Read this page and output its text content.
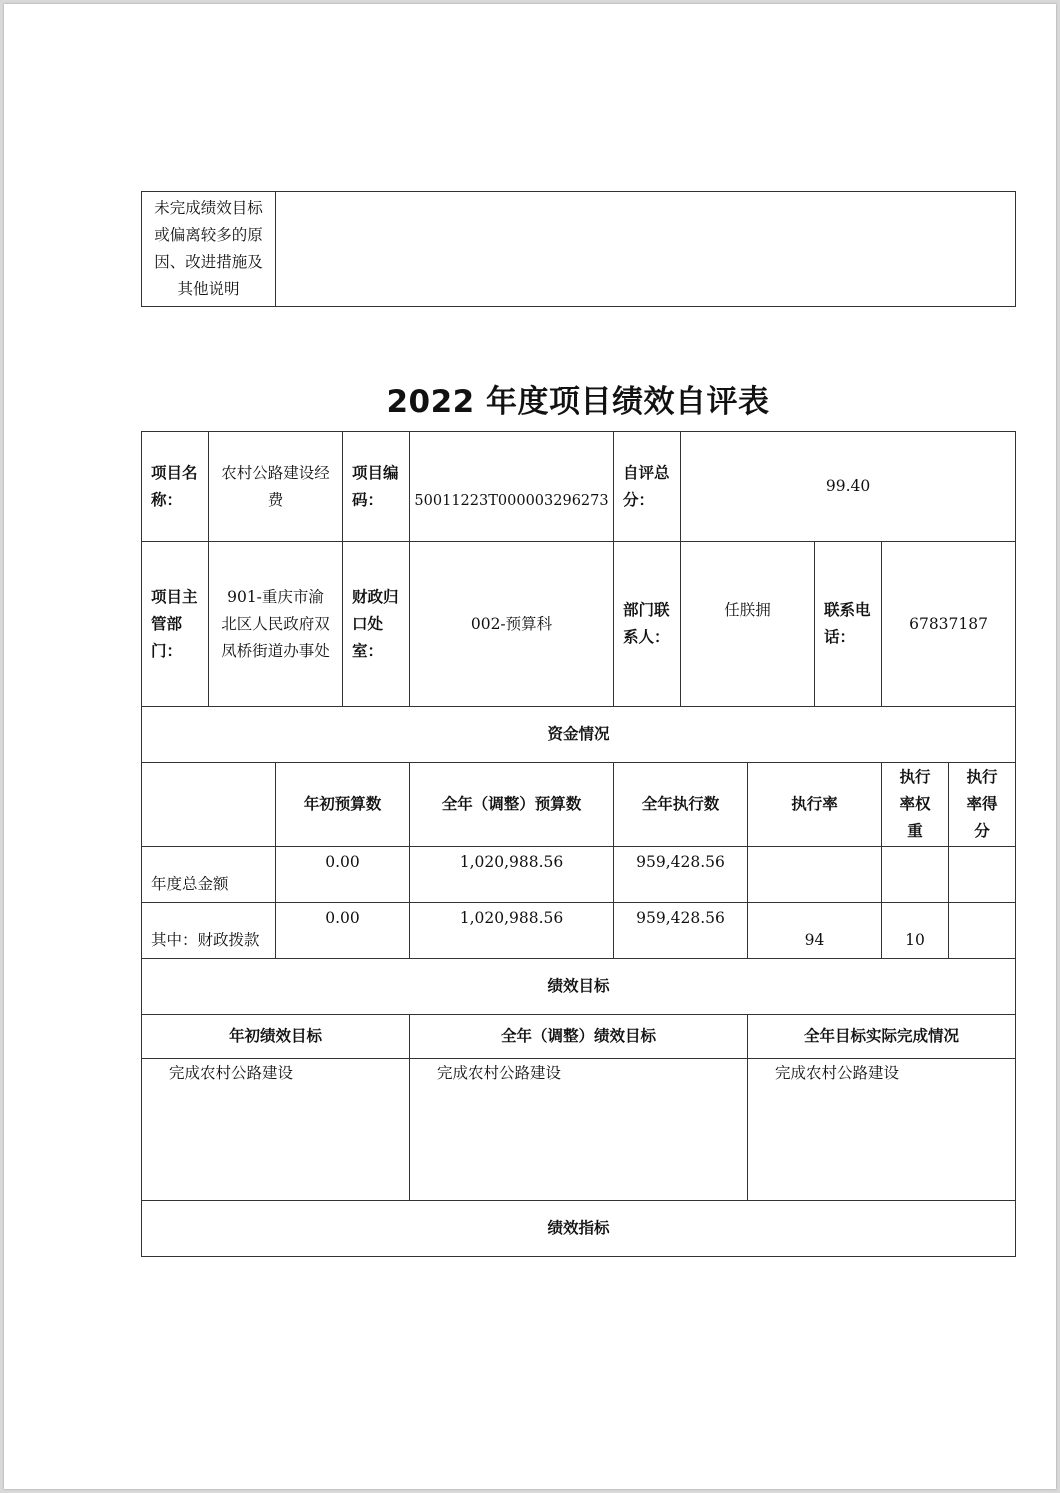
未完成绩效目标或偏离较多的原因、改进措施及其他说明	
2022 年度项目绩效自评表
项目名称：	农村公路建设经费		项目编码：	50011223T000003296273	自评总分：	99.40				
项目主管部门：	901-重庆市渝北区人民政府双凤桥街道办事处		财政归口处室：	002-预算科	部门联系人：	任朕拥		联系电话：	67837187	
资金情况										
		年初预算数		全年（调整）预算数	全年执行数		执行率		执行率权重	执行率得分
年度总金额		0.00		1,020,988.56	959,428.56					
其中：财政拨款		0.00		1,020,988.56	959,428.56		94		10	
绩效目标										
年初绩效目标				全年（调整）绩效目标			全年目标实际完成情况			
完成农村公路建设				完成农村公路建设			完成农村公路建设			
绩效指标										
